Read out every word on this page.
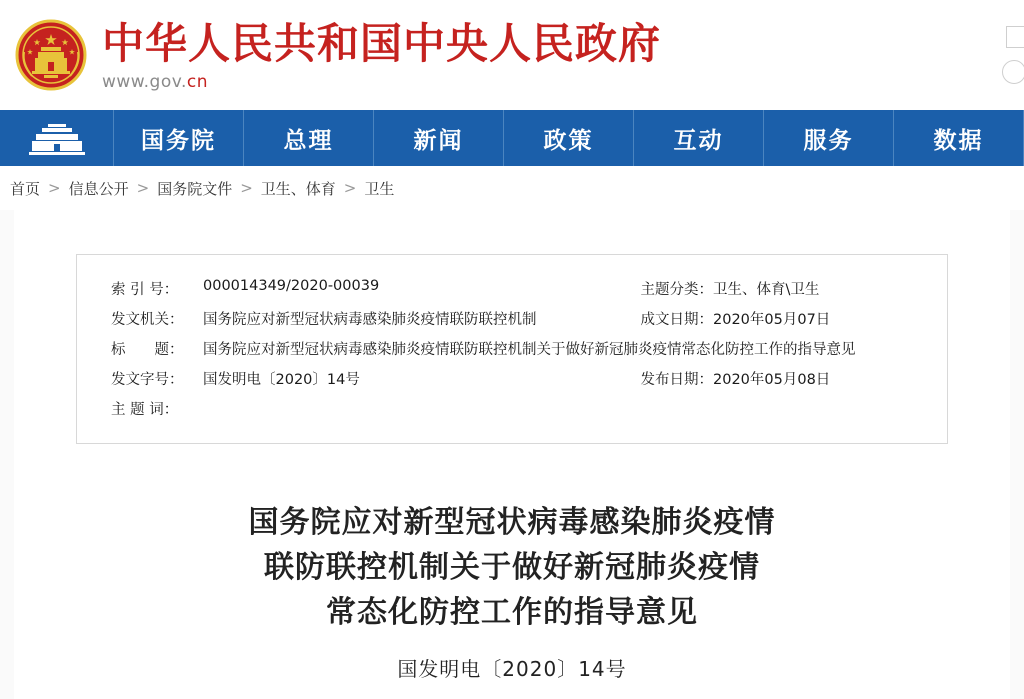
中华人民共和国中央人民政府
www.gov.cn
国务院	总理	新闻	政策	互动	服务	数据
首页 > 信息公开 > 国务院文件 > 卫生、体育 > 卫生
索 引 号：	000014349/2020-00039	主题分类：	卫生、体育\卫生
发文机关：	国务院应对新型冠状病毒感染肺炎疫情联防联控机制	成文日期：	2020年05月07日
标　　题：	国务院应对新型冠状病毒感染肺炎疫情联防联控机制关于做好新冠肺炎疫情常态化防控工作的指导意见		
发文字号：	国发明电〔2020〕14号	发布日期：	2020年05月08日
主 题 词：			
国务院应对新型冠状病毒感染肺炎疫情
联防联控机制关于做好新冠肺炎疫情
常态化防控工作的指导意见
国发明电〔2020〕14号
